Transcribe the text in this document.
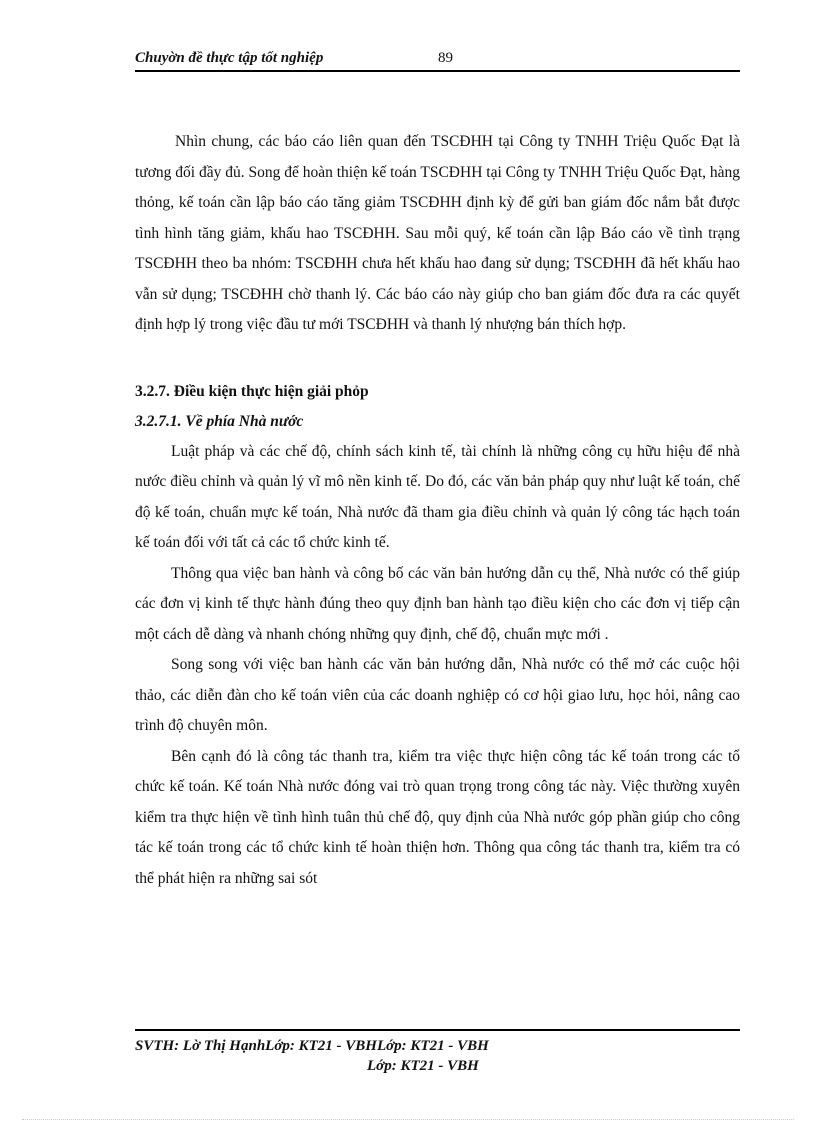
Chuyờn đề thực tập tốt nghiệp	89

Nhìn chung, các báo cáo liên quan đến TSCĐHH tại Công ty TNHH Triệu Quốc Đạt là tương đối đầy đủ. Song để hoàn thiện kế toán TSCĐHH tại Công ty TNHH Triệu Quốc Đạt, hàng thỏng, kế toán cần lập báo cáo tăng giảm TSCĐHH định kỳ để gửi ban giám đốc nắm bắt được tình hình tăng giảm, khấu hao TSCĐHH. Sau mỗi quý, kế toán cần lập Báo cáo về tình trạng TSCĐHH theo ba nhóm: TSCĐHH chưa hết khấu hao đang sử dụng; TSCĐHH đã hết khấu hao vẫn sử dụng; TSCĐHH chờ thanh lý. Các báo cáo này giúp cho ban giám đốc đưa ra các quyết định hợp lý trong việc đầu tư mới TSCĐHH và thanh lý nhượng bán thích hợp.

3.2.7. Điều kiện thực hiện giải phỏp
3.2.7.1. Về phía Nhà nước

Luật pháp và các chế độ, chính sách kinh tế, tài chính là những công cụ hữu hiệu để nhà nước điều chỉnh và quản lý vĩ mô nền kinh tế. Do đó, các văn bản pháp quy như luật kế toán, chế độ kế toán, chuẩn mực kế toán, Nhà nước đã tham gia điều chỉnh và quản lý công tác hạch toán kế toán đối với tất cả các tổ chức kinh tế.

Thông qua việc ban hành và công bố các văn bản hướng dẫn cụ thể, Nhà nước có thể giúp các đơn vị kinh tế thực hành đúng theo quy định ban hành tạo điều kiện cho các đơn vị tiếp cận một cách dễ dàng và nhanh chóng những quy định, chế độ, chuẩn mực mới .

Song song với việc ban hành các văn bản hướng dẫn, Nhà nước có thể mở các cuộc hội thảo, các diễn đàn cho kế toán viên của các doanh nghiệp có cơ hội giao lưu, học hỏi, nâng cao trình độ chuyên môn.

Bên cạnh đó là công tác thanh tra, kiểm tra việc thực hiện công tác kế toán trong các tổ chức kế toán. Kế toán Nhà nước đóng vai trò quan trọng trong công tác này. Việc thường xuyên kiểm tra thực hiện về tình hình tuân thủ chế độ, quy định của Nhà nước góp phần giúp cho công tác kế toán trong các tổ chức kinh tế hoàn thiện hơn. Thông qua công tác thanh tra, kiểm tra có thể phát hiện ra những sai sót

SVTH: Lờ Thị HạnhLớp: KT21 - VBHLớp: KT21 - VBH
Lớp: KT21 - VBH
